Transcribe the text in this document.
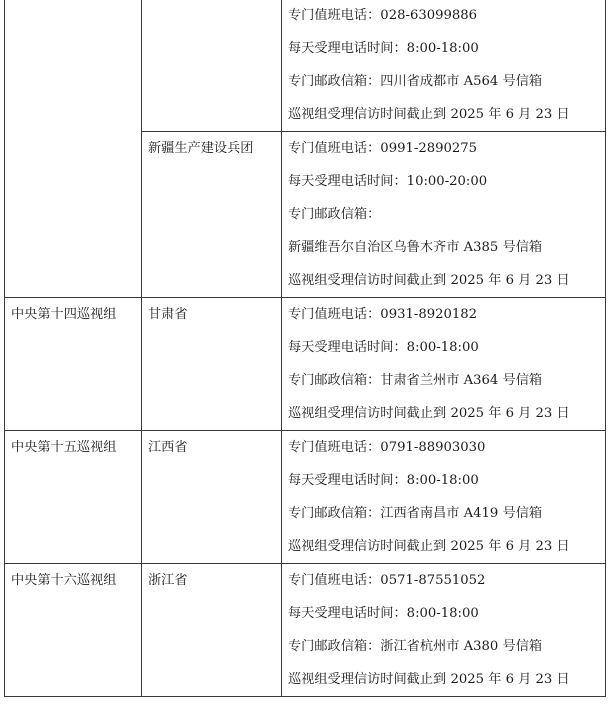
		专门值班电话：028-63099886
每天受理电话时间：8:00-18:00
专门邮政信箱：四川省成都市 A564 号信箱
巡视组受理信访时间截止到 2025 年 6 月 23 日

	新疆生产建设兵团	专门值班电话：0991-2890275
每天受理电话时间：10:00-20:00
专门邮政信箱：
新疆维吾尔自治区乌鲁木齐市 A385 号信箱
巡视组受理信访时间截止到 2025 年 6 月 23 日

中央第十四巡视组	甘肃省	专门值班电话：0931-8920182
每天受理电话时间：8:00-18:00
专门邮政信箱：甘肃省兰州市 A364 号信箱
巡视组受理信访时间截止到 2025 年 6 月 23 日

中央第十五巡视组	江西省	专门值班电话：0791-88903030
每天受理电话时间：8:00-18:00
专门邮政信箱：江西省南昌市 A419 号信箱
巡视组受理信访时间截止到 2025 年 6 月 23 日

中央第十六巡视组	浙江省	专门值班电话：0571-87551052
每天受理电话时间：8:00-18:00
专门邮政信箱：浙江省杭州市 A380 号信箱
巡视组受理信访时间截止到 2025 年 6 月 23 日
